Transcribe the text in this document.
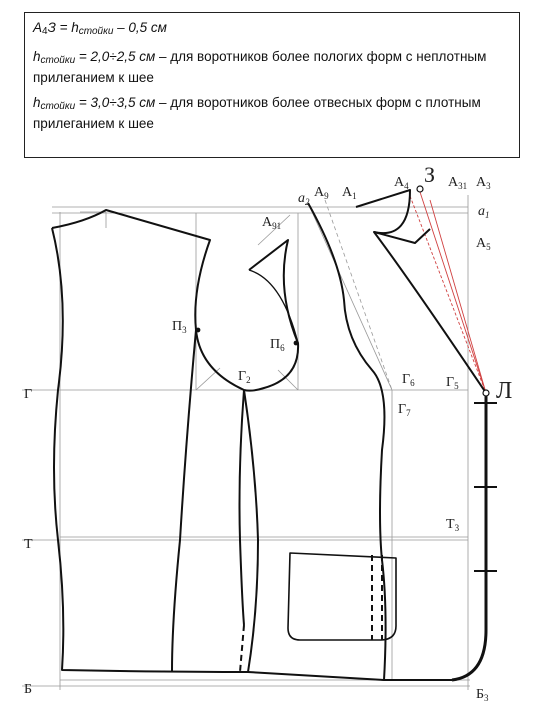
$А_4З = h_{стойки} - 0,5$ см

$h_{стойки} = 2,0\div 2,5$ см – для воротников более пологих форм с неплотным прилеганием к шее

$h_{стойки} = 3,0\div 3,5$ см – для воротников более отвесных форм с плотным прилеганием к шее

Г
Т
Б
$a_2$
$А_9$ $А_1$
$А_4$ З $А_{31}$ $А_3$
$a_1$
$А_5$
$А_{91}$
$П_3$
$П_6$
$Г_2$	$Г_6$
$Г_7$
$Г_5$ Л
$Т_3$
$Б_3$
